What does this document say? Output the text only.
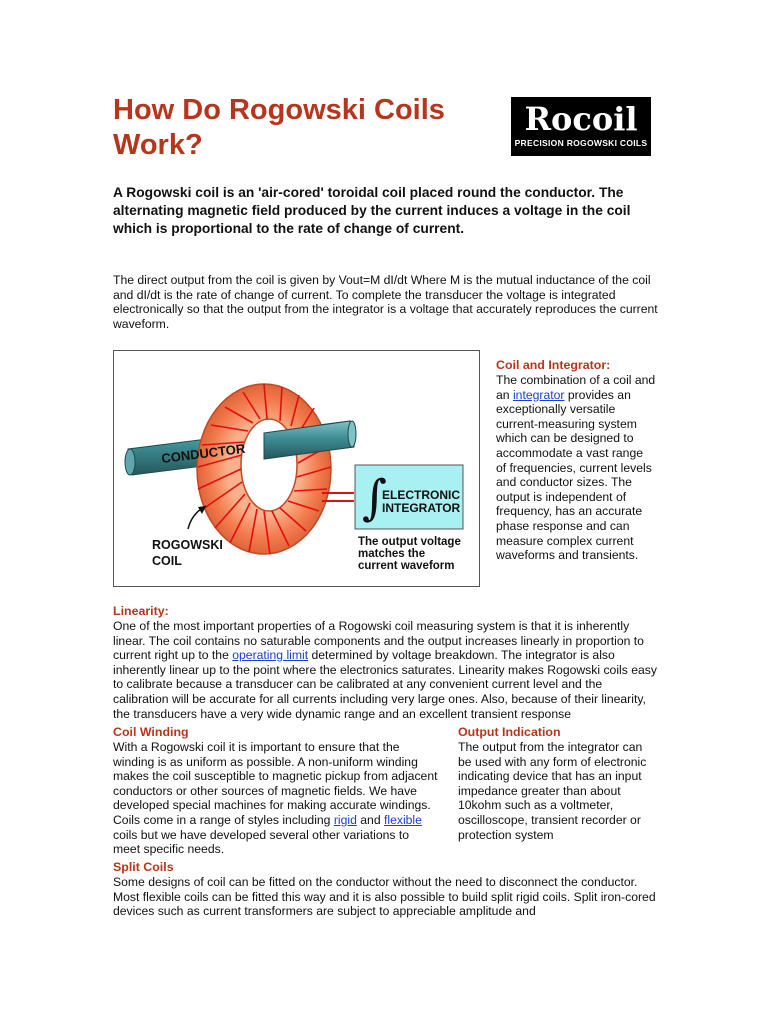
How Do Rogowski Coils Work?
Rocoil
PRECISION ROGOWSKI COILS

A Rogowski coil is an 'air-cored' toroidal coil placed round the conductor. The alternating magnetic field produced by the current induces a voltage in the coil which is proportional to the rate of change of current.

The direct output from the coil is given by Vout=M dI/dt Where M is the mutual inductance of the coil and dI/dt is the rate of change of current. To complete the transducer the voltage is integrated electronically so that the output from the integrator is a voltage that accurately reproduces the current waveform.

CONDUCTOR
∫
ELECTRONIC
INTEGRATOR
ROGOWSKI
COIL
The output voltage
matches the
current waveform

Coil and Integrator:

The combination of a coil and an integrator provides an exceptionally versatile current-measuring system which can be designed to accommodate a vast range of frequencies, current levels and conductor sizes. The output is independent of frequency, has an accurate phase response and can measure complex current waveforms and transients.

Linearity:

One of the most important properties of a Rogowski coil measuring system is that it is inherently linear. The coil contains no saturable components and the output increases linearly in proportion to current right up to the operating limit determined by voltage breakdown. The integrator is also inherently linear up to the point where the electronics saturates. Linearity makes Rogowski coils easy to calibrate because a transducer can be calibrated at any convenient current level and the calibration will be accurate for all currents including very large ones. Also, because of their linearity, the transducers have a very wide dynamic range and an excellent transient response

Coil Winding

With a Rogowski coil it is important to ensure that the winding is as uniform as possible. A non-uniform winding makes the coil susceptible to magnetic pickup from adjacent conductors or other sources of magnetic fields. We have developed special machines for making accurate windings. Coils come in a range of styles including rigid and flexible coils but we have developed several other variations to meet specific needs.

Output Indication

The output from the integrator can be used with any form of electronic indicating device that has an input impedance greater than about 10kohm such as a voltmeter, oscilloscope, transient recorder or protection system

Split Coils

Some designs of coil can be fitted on the conductor without the need to disconnect the conductor. Most flexible coils can be fitted this way and it is also possible to build split rigid coils. Split iron-cored devices such as current transformers are subject to appreciable amplitude and
